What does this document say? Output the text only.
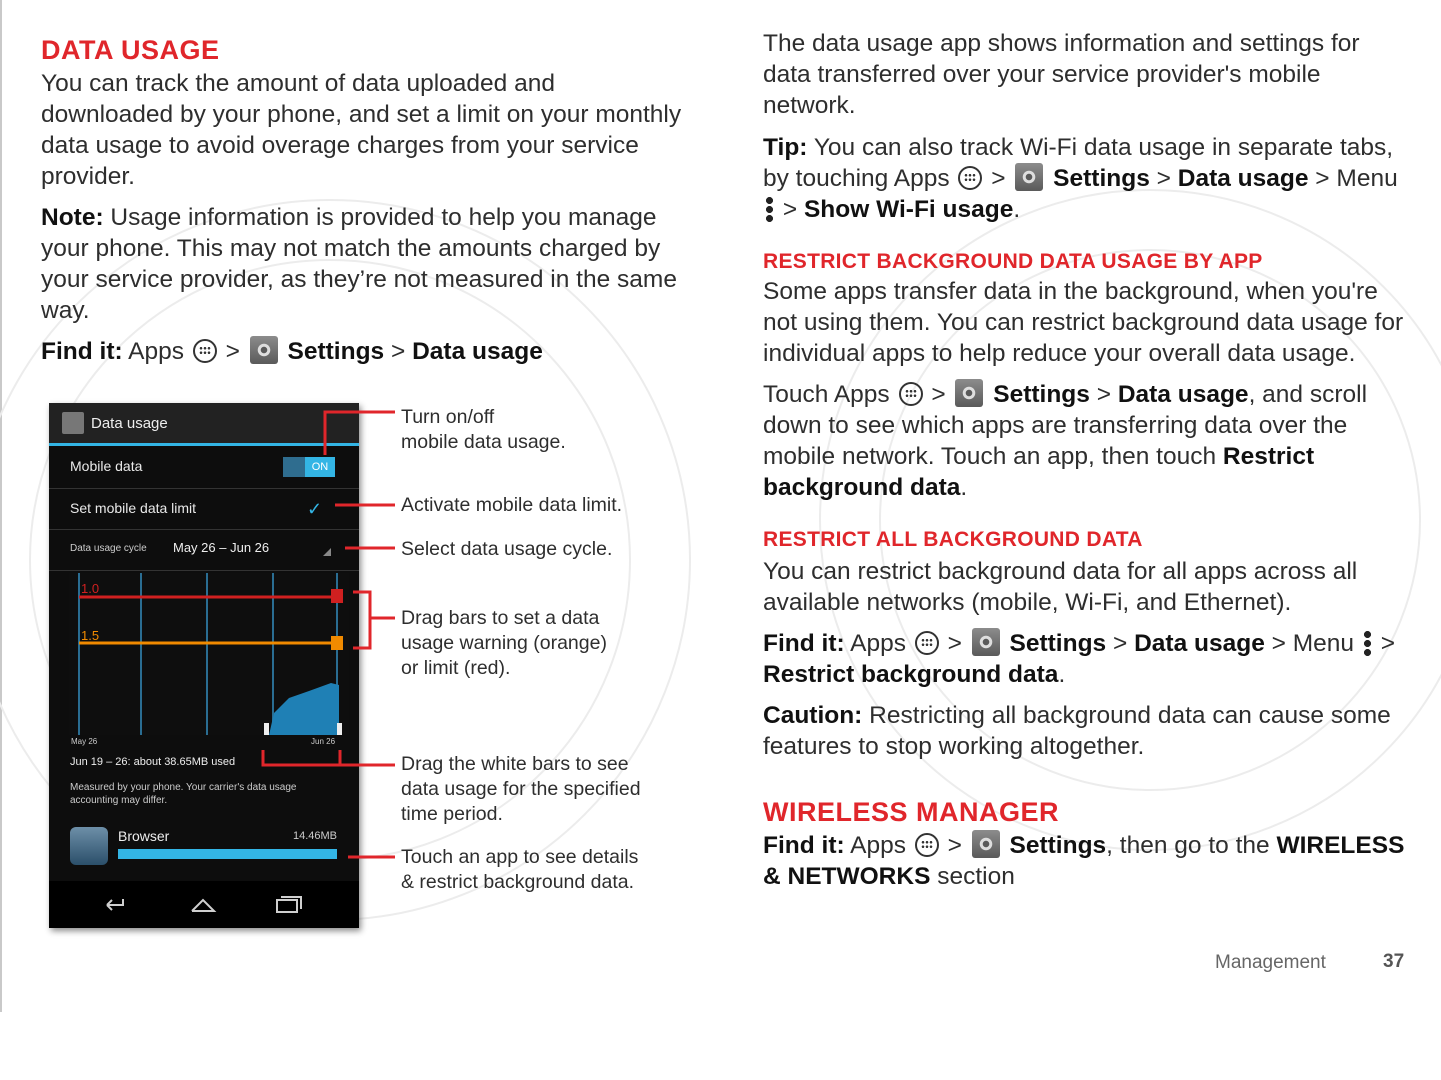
DATA USAGE

You can track the amount of data uploaded and downloaded by your phone, and set a limit on your monthly data usage to avoid overage charges from your service provider.

Note: Usage information is provided to help you manage your phone. This may not match the amounts charged by your service provider, as they’re not measured in the same way.

Find it: Apps > Settings > Data usage

Data usage
Mobile data	ON
Set mobile data limit	✓
Data usage cycle May 26 – Jun 26
1.0
1.5
May 26	Jun 26
Jun 19 – 26: about 38.65MB used
Measured by your phone. Your carrier's data usage accounting may differ.
Browser	14.46MB
Turn on/off
mobile data usage.
Activate mobile data limit.
Select data usage cycle.
Drag bars to set a data
usage warning (orange)
or limit (red).
Drag the white bars to see
data usage for the specified
time period.
Touch an app to see details
& restrict background data.

The data usage app shows information and settings for data transferred over your service provider's mobile network.

Tip: You can also track Wi-Fi data usage in separate tabs, by touching Apps > Settings > Data usage > Menu  > Show Wi-Fi usage.

RESTRICT BACKGROUND DATA USAGE BY APP

Some apps transfer data in the background, when you're not using them. You can restrict background data usage for individual apps to help reduce your overall data usage.

Touch Apps > Settings > Data usage, and scroll down to see which apps are transferring data over the mobile network. Touch an app, then touch Restrict background data.

RESTRICT ALL BACKGROUND DATA

You can restrict background data for all apps across all available networks (mobile, Wi-Fi, and Ethernet).

Find it: Apps > Settings > Data usage > Menu > Restrict background data.

Caution: Restricting all background data can cause some features to stop working altogether.

WIRELESS MANAGER

Find it: Apps > Settings, then go to the WIRELESS & NETWORKS section

Management	37
